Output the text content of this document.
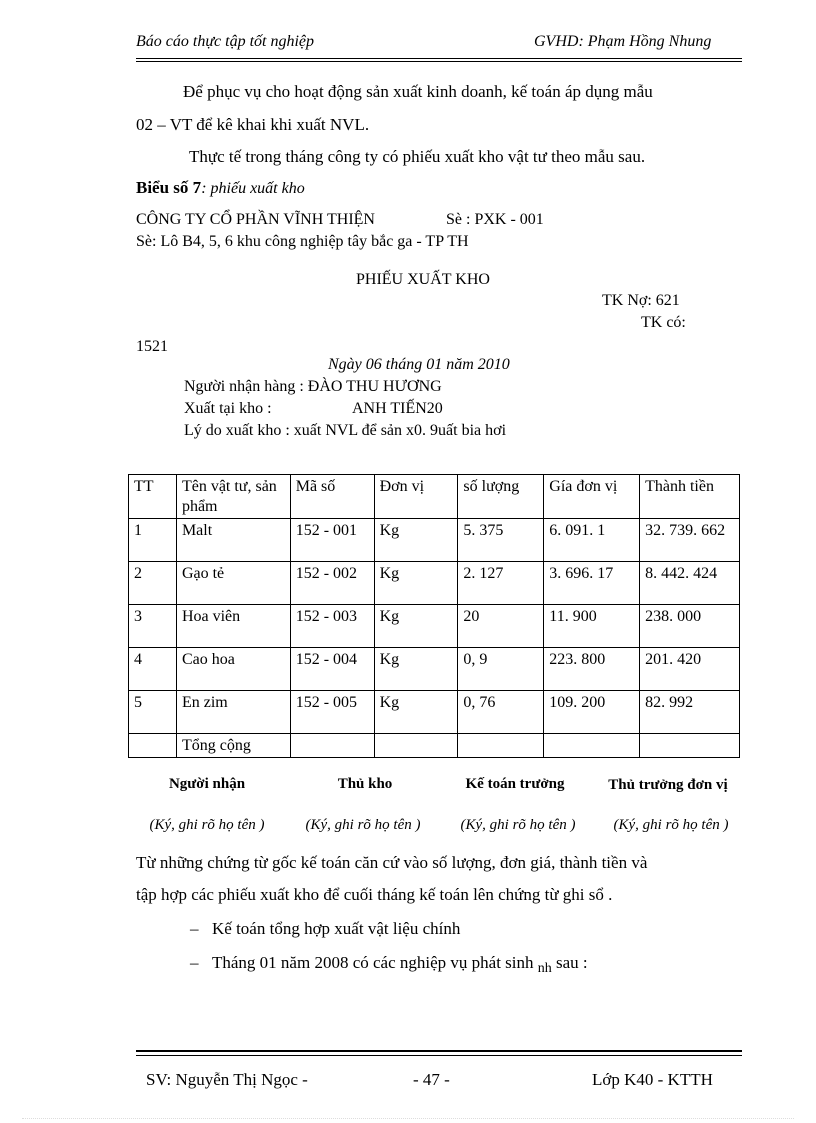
Báo cáo thực tập tốt nghiệp	GVHD: Phạm Hồng Nhung
Để phục vụ cho hoạt động sản xuất kinh doanh, kế toán áp dụng mẫu
02 – VT để kê khai khi xuất NVL.
Thực tế trong tháng công ty có phiếu xuất kho vật tư theo mẫu sau.
Biểu số 7: phiếu xuất kho
CÔNG TY CỔ PHẦN VĨNH THIỆN	Sè : PXK - 001
Sè: Lô B4, 5, 6 khu công nghiệp tây bắc ga - TP TH
PHIẾU XUẤT KHO
TK Nợ: 621
TK có:
1521
Ngày 06 tháng 01 năm 2010
Người nhận hàng : ĐÀO THU HƯƠNG
Xuất tại kho :	ANH TIẾN20
Lý do xuất kho : xuất NVL để sản x0. 9uất bia hơi
TT	Tên vật tư, sản phẩm	Mã số	Đơn vị	số lượng	Gía đơn vị	Thành tiền
1	Malt	152 - 001	Kg	5. 375	6. 091. 1	32. 739. 662
2	Gạo tẻ	152 - 002	Kg	2. 127	3. 696. 17	8. 442. 424
3	Hoa viên	152 - 003	Kg	20	11. 900	238. 000
4	Cao hoa	152 - 004	Kg	0, 9	223. 800	201. 420
5	En zim	152 - 005	Kg	0, 76	109. 200	82. 992
	Tổng cộng					
Người nhận	Thủ kho	Kế toán trưởng	Thủ trưởng đơn vị
(Ký, ghi rõ họ tên )	(Ký, ghi rõ họ tên )	(Ký, ghi rõ họ tên )	(Ký, ghi rõ họ tên )
Từ những chứng từ gốc kế toán căn cứ vào số lượng, đơn giá, thành tiền và
tập hợp các phiếu xuất kho để cuối tháng kế toán lên chứng từ ghi sổ .
– Kế toán tổng hợp xuất vật liệu chính
– Tháng 01 năm 2008 có các nghiệp vụ phát sinh $_{nh}$ sau :
SV: Nguyễn Thị Ngọc -	- 47 -	Lớp K40 - KTTH
